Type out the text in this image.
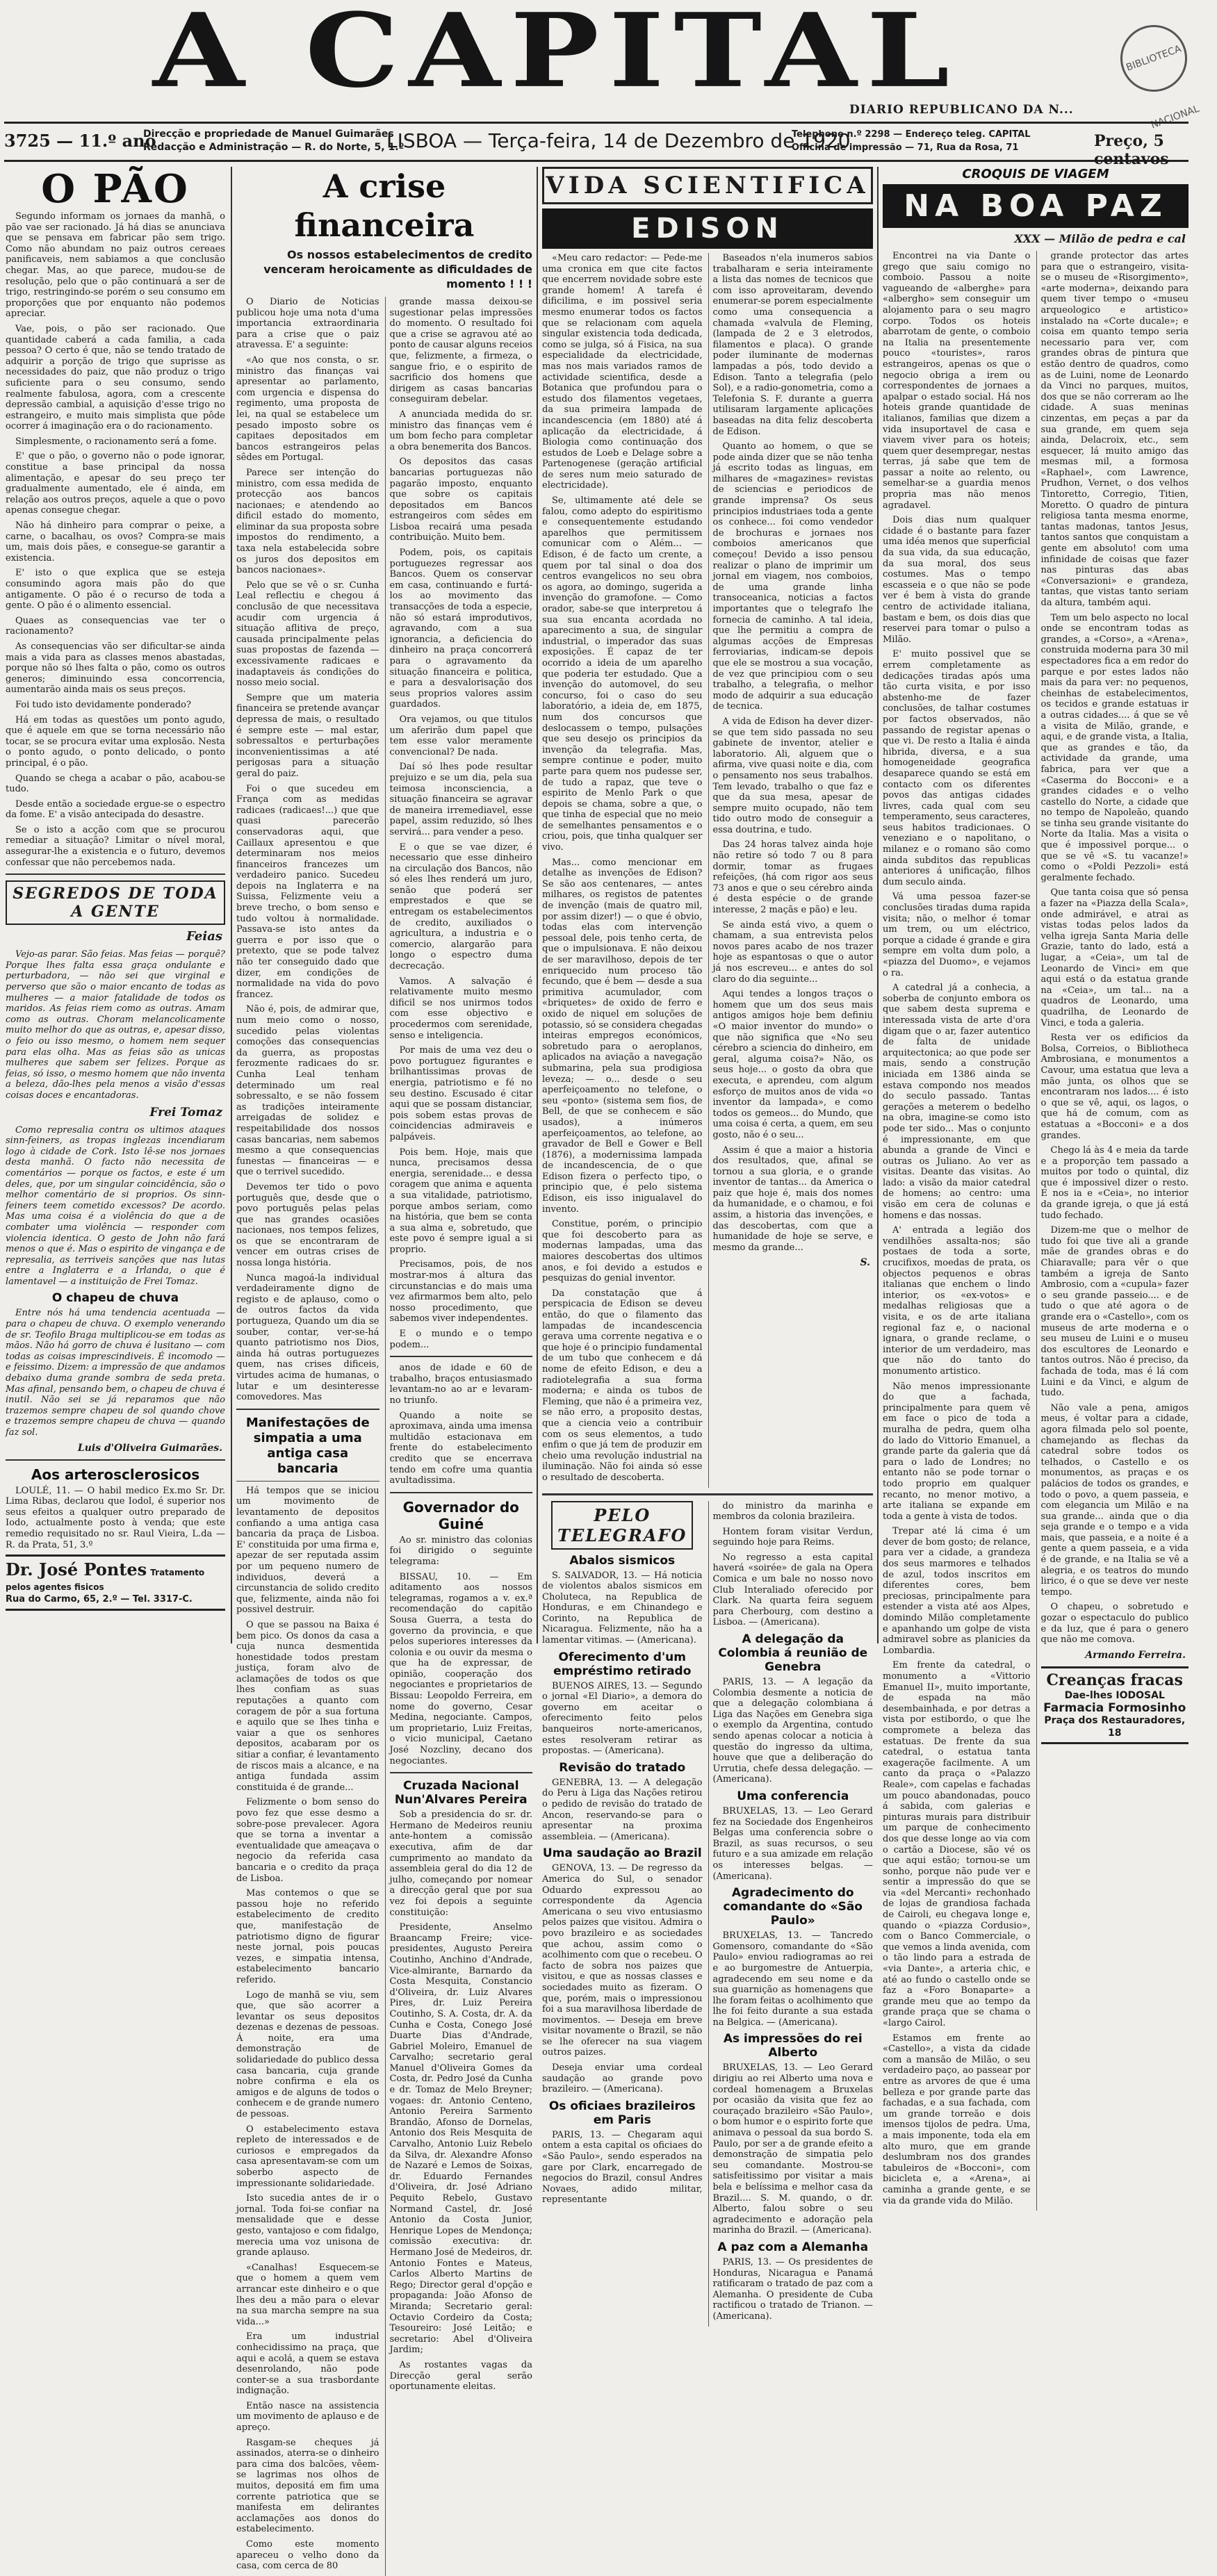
A CAPITAL	BIBLIOTECA NACIONAL
DIARIO REPUBLICANO DA N...
3725 — 11.º ano
Direcção e propriedade de Manuel Guimarães
Redacção e Administração — R. do Norte, 5, 1.º
LISBOA — Terça-feira, 14 de Dezembro de 1920
Telephone n.º 2298 — Endereço teleg. CAPITAL
Officina de impressão — 71, Rua da Rosa, 71	Preço, 5 centavos
O PÃO

Segundo informam os jornaes da manhã, o pão vae ser racionado. Já há dias se anunciava que se pensava em fabricar pão sem trigo. Como não abundam no paiz outros cereaes panificaveis, nem sabiamos a que conclusão chegar. Mas, ao que parece, mudou-se de resolução, pelo que o pão continuará a ser de trigo, restringindo-se porém o seu consumo em proporções que por enquanto não podemos apreciar.

Vae, pois, o pão ser racionado. Que quantidade caberá a cada familia, a cada pessoa? O certo é que, não se tendo tratado de adquirir a porção de trigo que suprisse as necessidades do paiz, que não produz o trigo suficiente para o seu consumo, sendo realmente fabulosa, agora, com a crescente depressão cambial, a aquisição d'esse trigo no estrangeiro, e muito mais simplista que pôde ocorrer á imaginação era o do racionamento.

Simplesmente, o racionamento será a fome.

E' que o pão, o governo não o pode ignorar, constitue a base principal da nossa alimentação, e apesar do seu preço ter gradualmente aumentado, ele é ainda, em relação aos outros preços, aquele a que o povo apenas consegue chegar.

Não há dinheiro para comprar o peixe, a carne, o bacalhau, os ovos? Compra-se mais um, mais dois pães, e consegue-se garantir a existencia.

E' isto o que explica que se esteja consumindo agora mais pão do que antigamente. O pão é o recurso de toda a gente. O pão é o alimento essencial.

Quaes as consequencias vae ter o racionamento?

As consequencias vão ser dificultar-se ainda mais a vida para as classes menos abastadas, porque não só lhes falta o pão, como os outros generos; diminuindo essa concorrencia, aumentarão ainda mais os seus preços.

Foi tudo isto devidamente ponderado?

Há em todas as questões um ponto agudo, que é aquele em que se torna necessário não tocar, se se procura evitar uma explosão. Nesta o ponto agudo, o ponto delicado, o ponto principal, é o pão.

Quando se chega a acabar o pão, acabou-se tudo.

Desde então a sociedade ergue-se o espectro da fome. E' a visão antecipada do desastre.

Se o isto a acção com que se procurou remediar a situação? Limitar o nível moral, assegurar-lhe a existencia e o futuro, devemos confessar que não percebemos nada.

SEGREDOS DE TODA A GENTE
Feias

Vejo-as parar. São feias. Mas feias — porquê? Porque lhes falta essa graça ondulante e perturbadora, — não sei que virginal e perverso que são o maior encanto de todas as mulheres — a maior fatalidade de todos os maridos. As feias riem como as outras. Amam como as outras. Choram melancolicamente muito melhor do que as outras, e, apesar disso, o feio ou isso mesmo, o homem nem sequer para elas olha. Mas as feias são as unicas mulheres que sabem ser felizes. Porque as feias, só isso, o mesmo homem que não inventa a beleza, dão-lhes pela menos a visão d'essas coisas doces e encantadoras.

Frei Tomaz

Como represalia contra os ultimos ataques sinn-feiners, as tropas inglezas incendiaram logo à cidade de Cork. Isto lê-se nos jornaes desta manhã. O facto não necessita de comentários — porque os factos, e este é um deles, que, por um singular coincidência, são o melhor comentário de si proprios. Os sinn-feiners teem cometido excessos? De acordo. Mas uma coisa é a violência do que a de combater uma violência — responder com violencia identica. O gesto de John não fará menos o que é. Mas o espirito de vingança e de represalia, as terriveis sanções que nas lutas entre a Inglaterra e a Irlanda, o que é lamentavel — a instituição de Frei Tomaz.

O chapeu de chuva

Entre nós há uma tendencia acentuada — para o chapeu de chuva. O exemplo venerando de sr. Teofilo Braga multiplicou-se em todas as mãos. Não há gorro de chuva é lusitano — com todas as coisas imprescindiveis. É incomodo — e feissimo. Dizem: a impressão de que andamos debaixo duma grande sombra de seda preta. Mas afinal, pensando bem, o chapeu de chuva é inutil. Não sei se já reparamos que não trazemos sempre chapeu de sol quando chove e trazemos sempre chapeu de chuva — quando faz sol.

Luis d'Oliveira Guimarães.
Aos arterosclerosicos

LOULÉ, 11. — O habil medico Ex.mo Sr. Dr. Lima Ribas, declarou que Iodol, é superior nos seus efeitos a qualquer outro preparado de Iodo, actualmente posto à venda; que este remedio requisitado no sr. Raul Vieira, L.da — R. da Prata, 51, 3.º

Dr. José Pontes Tratamento pelos agentes fisicos
Rua do Carmo, 65, 2.º — Tel. 3317-C.
A crise financeira
Os nossos estabelecimentos de credito venceram heroicamente as dificuldades de momento ! ! !

O Diario de Noticias publicou hoje uma nota d'uma importancia extraordinaria para a crise que o paiz atravessa. E' a seguinte:

«Ao que nos consta, o sr. ministro das finanças vai apresentar ao parlamento, com urgencia e dispensa do regimento, uma proposta de lei, na qual se estabelece um pesado imposto sobre os capitaes depositados em bancos estrangeiros pelas sêdes em Portugal.

Parece ser intenção do ministro, com essa medida de protecção aos bancos nacionaes; e atendendo ao dificil estado do momento, eliminar da sua proposta sobre impostos do rendimento, a taxa nela estabelecida sobre os juros dos depositos em bancos nacionaes».

Pelo que se vê o sr. Cunha Leal reflectiu e chegou á conclusão de que necessitava acudir com urgencia á situação aflitiva de preço, causada principalmente pelas suas propostas de fazenda — excessivamente radicaes e inadaptaveis ás condições do nosso meio social.

Sempre que um materia financeira se pretende avançar depressa de mais, o resultado é sempre este — mal estar, sobressaltos e perturbações inconvenientissimas a até perigosas para a situação geral do paiz.

Foi o que sucedeu em França com as medidas radicaes (radicaes!...) que que quasi parecerão conservadoras aqui, que Caillaux apresentou e que determinaram nos meios financeiros francezes um verdadeiro panico. Sucedeu depois na Inglaterra e na Suissa, Felizmente veiu a breve trecho, o bom senso e tudo voltou à normalidade. Passava-se isto antes da guerra e por isso que o pretexto, que se pode talvez não ter conseguido dado que dizer, em condições de normalidade na vida do povo francez.

Não é, pois, de admirar que, num meio como o nosso, sucedido pelas violentas comoções das consequencias da guerra, as propostas ferozmente radicaes do sr. Cunha Leal tenham determinado um real sobressalto, e se não fossem as tradições inteiramente arreigadas de solidez e respeitabilidade dos nossos casas bancarias, nem sabemos mesmo a que consequencias funestas — financeiras — e que o terrivel sucedido.

Devemos ter tido o povo português que, desde que o povo português pelas pelas que nas grandes ocasiões nacionaes, nos tempos felizes, os que se encontraram de vencer em outras crises de nossa longa história.

Nunca magoá-la individual verdadeiramente digno de registo e de aplauso, como o de outros factos da vida portugueza, Quando um dia se souber, contar, ver-se-há quanto patriotismo nos Dios, ainda há outras portuguezes quem, nas crises dificeis, virtudes acima de humanas, o lutar e um desinteresse comovedores. Mas

Manifestações de simpatia a uma antiga casa bancaria

Há tempos que se iniciou um movimento de levantamento de depositos confiando a uma antiga casa bancaria da praça de Lisboa. E' constituida por uma firma e, apezar de ser reputada assim por um pequeno numero de individuos, deverá a circunstancia de solido credito que, felizmente, ainda não foi possivel destruir.

O que se passou na Baixa é bem pico. Os donos da casa a cuja nunca desmentida honestidade todos prestam justiça, foram alvo de aclamações de todos os que lhes confiam as suas reputações a quanto com coragem de pôr a sua fortuna e aquilo que se lhes tinha e vaiar a que os senhores depositos, acabaram por os sitiar a confiar, é levantamento de riscos mais a alcance, e na antiga fundada assim constituida é de grande...

Felizmente o bom senso do povo fez que esse desmo a sobre-pose prevalecer. Agora que se torna a inventar a eventualidade que ameaçava o negocio da referida casa bancaria e o credito da praça de Lisboa.

Mas contemos o que se passou hoje no referido estabelecimento de credito que, manifestação de patriotismo digno de figurar neste jornal, pois poucas vezes, e simpatia intensa, estabelecimento bancario referido.

Logo de manhã se viu, sem que, que são acorrer a levantar os seus depositos dezenas e dezenas de pessoas. Á noite, era uma demonstração de solidariedade do publico dessa casa bancaria, cuja grande nobre confirma e ela os amigos e de alguns de todos o conhecem e de grande numero de pessoas.

O estabelecimento estava repleto de interessados e de curiosos e empregados da casa apresentavam-se com um soberbo aspecto de impressionante solidariedade.

Isto sucedia antes de ir o jornal. Toda foi-se confiar na mensalidade que e desse gesto, vantajoso e com fidalgo, merecia uma voz unisona de grande aplauso.

«Canalhas! Esquecem-se que o homem a quem vem arrancar este dinheiro e o que lhes deu a mão para o elevar na sua marcha sempre na sua vida...»

Era um industrial conhecidissimo na praça, que aqui e acolá, a quem se estava desenrolando, não pode conter-se a sua trasbordante indignação.

Então nasce na assistencia um movimento de aplauso e de apreço.

Rasgam-se cheques já assinados, aterra-se o dinheiro para cima dos balcões, vêem-se lagrimas nos olhos de muitos, depositá em fim uma corrente patriotica que se manifesta em delirantes acclamações aos donos do estabelecimento.

Como este momento apareceu o velho dono da casa, com cerca de 80

grande massa deixou-se sugestionar pelas impressões do momento. O resultado foi que a crise se agravou até ao ponto de causar alguns receios que, felizmente, a firmeza, o sangue frio, e o espirito de sacrificio dos homens que dirigem as casas bancarias conseguiram debelar.

A anunciada medida do sr. ministro das finanças vem é um bom fecho para completar a obra benemerita dos Bancos.

Os depositos das casas bancarias portuguezas não pagarão imposto, enquanto que sobre os capitais depositados em Bancos estrangeiros com sêdes em Lisboa recairá uma pesada contribuição. Muito bem.

Podem, pois, os capitais portuguezes regressar aos Bancos. Quem os conservar em casa, continuando e furtá-los ao movimento das transacções de toda a especie, não só estará improdutivos, agravando, com a sua ignorancia, a deficiencia do dinheiro na praça concorrerá para o agravamento da situação financeira e politica, e para a desvalorisação dos seus proprios valores assim guardados.

Ora vejamos, ou que titulos um aferirão dum papel que tem esse valor meramente convencional? De nada.

Daí só lhes pode resultar prejuizo e se um dia, pela sua teimosa inconsciencia, a situação financeira se agravar de maneira irremediavel, esse papel, assim reduzido, só lhes servirá... para vender a peso.

E o que se vae dizer, é necessario que esse dinheiro na circulação dos Bancos, não só eles lhes renderá um juro, senão que poderá ser emprestados e que se entregam os estabelecimentos de credito, auxiliados o agricultura, a industria e o comercio, alargarão para longo o espectro duma decrecação.

Vamos. A salvação é relativamente muito mesmo dificil se nos unirmos todos com esse objectivo e procedermos com serenidade, senso e inteligencia.

Por mais de uma vez deu o povo portuguez figurantes e brilhantissimas provas de energia, patriotismo e fé no seu destino. Escusado é citar aqui que se possam distanciar, pois sobem estas provas de coincidencias admiraveis e palpáveis.

Pois bem. Hoje, mais que nunca, precisamos dessa energia, serenidade... e dessa coragem que anima e aquenta a sua vitalidade, patriotismo, porque ambos seriam, como na história, que bem se conta a sua alma e, sobretudo, que este povo é sempre igual a si proprio.

Precisamos, pois, de nos mostrar-mos á altura das circunstancias e do mais uma vez afirmarmos bem alto, pelo nosso procedimento, que sabemos viver independentes.

E o mundo e o tempo podem...

anos de idade e 60 de trabalho, braços entusiasmado levantam-no ao ar e levaram-no triunfo.

Quando a noite se aproximava, ainda uma imensa multidão estacionava em frente do estabelecimento credito que se encerrava tendo em cofre uma quantia avultadissima.

Governador do Guiné

Ao sr. ministro das colonias foi dirigido o seguinte telegrama:

BISSAU, 10. — Em aditamento aos nossos telegramas, rogamos a v. ex.ª recomendação do capitão Sousa Guerra, a testa do governo da provincia, e que pelos superiores interesses da colonia e ou ouvir da mesma o que ha de expressar, de opinião, cooperação dos negociantes e proprietarios de Bissau: Leopoldo Ferreira, em nome do governo, Cesar Medina, negociante. Campos, um proprietario, Luiz Freitas, o vicio municipal, Caetano José Nozcliny, decano dos negociantes.

Cruzada Nacional Nun'Alvares Pereira

Sob a presidencia do sr. dr. Hermano de Medeiros reuniu ante-hontem a comissão executiva, afim de dar cumprimento ao mandato da assembleia geral do dia 12 de julho, começando por nomear a direcção geral que por sua vez foi depois a seguinte constituição:

Presidente, Anselmo Braancamp Freire; vice-presidentes, Augusto Pereira Coutinho, Anchino d'Andrade, Vice-almirante, Barnardo da Costa Mesquita, Constancio d'Oliveira, dr. Luiz Alvares Pires, dr. Luiz Pereira Coutinho, S. A. Costa, dr. A. da Cunha e Costa, Conego José Duarte Dias d'Andrade, Gabriel Moleiro, Emanuel de Carvalho; secretario geral Manuel d'Oliveira Gomes da Costa, dr. Pedro José da Cunha e dr. Tomaz de Melo Breyner; vogaes: dr. Antonio Centeno, Antonio Pereira Sarmento Brandão, Afonso de Dornelas, Antonio dos Reis Mesquita de Carvalho, Antonio Luiz Rebelo da Silva, dr. Alexandre Afonso de Nazaré e Lemos de Soixas, dr. Eduardo Fernandes d'Oliveira, dr. José Adriano Pequito Rebelo, Gustavo Normand Castel, dr. José Antonio da Costa Junior, Henrique Lopes de Mendonça; comissão executiva: dr. Hermano José de Medeiros, dr. Antonio Fontes e Mateus, Carlos Alberto Martins de Rego; Director geral d'opção e propaganda: João Afonso de Miranda; Secretario geral: Octavio Cordeiro da Costa; Tesoureiro: José Leitão; e secretario: Abel d'Oliveira Jardim;

As rostantes vagas da Direcção geral serão oportunamente eleitas.

VIDA SCIENTIFICA
EDISON

«Meu caro redactor: — Pede-me uma cronica em que cite factos que encerrem novidade sobre este grande homem! A tarefa é dificilima, e im possivel seria mesmo enumerar todos os factos que se relacionam com aquela singular existencia toda dedicada, como se julga, só á Fisica, na sua especialidade da electricidade, mas nos mais variados ramos de actividade scientifica, desde a Botanica que profundou para o estudo dos filamentos vegetaes, da sua primeira lampada de incandescencia (em 1880) até á aplicação da electricidade, á Biologia como continuação dos estudos de Loeb e Delage sobre a Partenogenese (geração artificial de seres num meio saturado de electricidade).

Se, ultimamente até dele se falou, como adepto do espiritismo e consequentemente estudando aparelhos que permitissem comunicar com o Além... — Edison, é de facto um crente, a quem por tal sinal o doa dos centros evangelicos no seu obra os agora, ao domingo, sugerida a invenção do gramofone. — Como orador, sabe-se que interpretou á sua sua encanta acordada no aparecimento a sua, de singular industrial, o imperador das suas exposições. É capaz de ter ocorrido a ideia de um aparelho que poderia ter estudado. Que a invenção do automovel, do seu concurso, foi o caso do seu laboratório, a ideia de, em 1875, num dos concursos que deslocassem o tempo, pulsações que seu desejo os principios da invenção da telegrafia. Mas, sempre continue e poder, muito parte para quem nos pudesse ser, de tudo a rapaz, que teve o espirito de Menlo Park o que depois se chama, sobre a que, o que tinha de especial que no meio de semelhantes pensamentos e o criou, pois, que tinha qualquer ser vivo.

Mas... como mencionar em detalhe as invenções de Edison? Se são aos centenares, — antes milhares, os registos de patentes de invenção (mais de quatro mil, por assim dizer!) — o que é obvio, todas elas com intervenção pessoal dele, pois tenho certa, de que o impulsionava. E não deixou de ser maravilhoso, depois de ter enriquecido num proceso tão fecundo, que é bem — desde a sua primitiva acumulador, com «briquetes» de oxido de ferro e oxido de niquel em soluções de potassio, só se considera chegadas inteiras empregos económicos, sobretudo para o aeroplanos, aplicados na aviação a navegação submarina, pela sua prodigiosa leveza; — o... desde o seu aperfeiçoamento no telefone, o seu «ponto» (sistema sem fios, de Bell, de que se conhecem e são usados), a inúmeros aperfeiçoamentos, ao telefone, ao gravador de Bell e Gower e Bell (1876), a modernissima lampada de incandescencia, de o que Edison fizera o perfecto tipo, o principio que, é pelo sistema Edison, eis isso inigualavel do invento.

Constitue, porém, o principio que foi descoberto para as modernas lampadas, uma das maiores descobertas dos ultimos anos, e foi devido a estudos e pesquizas do genial inventor.

Da constatação que á perspicacia de Edison se deveu então, do que o filamento das lampadas de incandescencia gerava uma corrente negativa e o que hoje é o principio fundamental de um tubo que conhecem e dá nome de efeito Edison, e deu a radiotelegrafia a sua forma moderna; e ainda os tubos de Fleming, que não é a primeira vez, se não erro, a proposito destas, que a ciencia veio a contribuir com os seus elementos, a tudo enfim o que já tem de produzir em cheio uma revolução industrial na iluminação. Não foi ainda só esse o resultado de descoberta.

Baseados n'ela inumeros sabios trabalharam e seria inteiramente a lista das nomes de tecnicos que com isso aproveitaram, devendo enumerar-se porem especialmente como uma consequencia a chamada «valvula de Fleming, (lampada de 2 e 3 eletrodos, filamentos e placa). O grande poder iluminante de modernas lampadas a pós, todo devido a Edison. Tanto a telegrafia (pelo Sol), e a radio-gonometria, como a Telefonia S. F. durante a guerra utilisaram largamente aplicações baseadas na dita feliz descoberta de Edison.

Quanto ao homem, o que se pode ainda dizer que se não tenha já escrito todas as linguas, em milhares de «magazines» revistas de sciencias e periodicos de grande imprensa? Os seus principios industriaes toda a gente os conhece... foi como vendedor de brochuras e jornaes nos comboios americanos que começou! Devido a isso pensou realizar o plano de imprimir um jornal em viagem, nos comboios, de uma grande linha transoceanica, noticias a factos importantes que o telegrafo lhe fornecia de caminho. A tal ideia, que lhe permitiu a compra de algumas acções de Empresas ferroviarias, indicam-se depois que ele se mostrou a sua vocação, de vez que principiou com o seu trabalho, a telegrafia, o melhor modo de adquirir a sua educação de tecnica.

A vida de Edison ha dever dizer-se que tem sido passada no seu gabinete de inventor, atelier e laboratorio. Ali, alguem que o afirma, vive quasi noite e dia, com o pensamento nos seus trabalhos. Tem levado, trabalho o que faz e que da sua mesa, apesar de sempre muito ocupado, não tem tido outro modo de conseguir a essa doutrina, e tudo.

Das 24 horas talvez ainda hoje não retire só todo 7 ou 8 para dormir, tomar as frugaes refeições, (há com rigor aos seus 73 anos e que o seu cérebro ainda é desta espécie o de grande interesse, 2 maçãs e pão) e leu.

Se ainda está vivo, a quem o chamam, a sua entrevista pelos novos pares acabo de nos trazer hoje as espantosas o que o autor já nos escreveu... e antes do sol claro do dia seguinte...

Aqui tendes a longos traços o homem que um dos seus mais antigos amigos hoje bem definiu «O maior inventor do mundo» o que não significa que «No seu cérebro a sciencia do dinheiro, em geral, alguma coisa?» Não, os seus hoje... o gosto da obra que executa, e aprendeu, com algum esforço de muitos anos de vida «o inventor da lampada», e como todos os gemeos... do Mundo, que uma coisa é certa, a quem, em seu gosto, não é o seu...

Assim é que a maior a historia dos resultados, que, afinal se tornou a sua gloria, e o grande inventor de tantas... da America o paiz que hoje é, mais dos nomes da humanidade, e o chamou, e foi assim, a historia das invenções, e das descobertas, com que a humanidade de hoje se serve, e mesmo da grande...

S.
PELO TELEGRAFO
Abalos sismicos

S. SALVADOR, 13. — Há noticia de violentos abalos sismicos em Choluteca, na Republica de Honduras, e em Chinandego e Corinto, na Republica de Nicaragua. Felizmente, não ha a lamentar vitimas. — (Americana).

Oferecimento d'um empréstimo retirado

BUENOS AIRES, 13. — Segundo o jornal «El Diario», a demora do governo em aceitar o oferecimento feito pelos banqueiros norte-americanos, estes resolveram retirar as propostas. — (Americana).

Revisão do tratado

GENEBRA, 13. — A delegação do Peru à Liga das Nações retirou o pedido de revisão do tratado de Ancon, reservando-se para o apresentar na proxima assembleia. — (Americana).

Uma saudação ao Brazil

GENOVA, 13. — De regresso da America do Sul, o senador Oduardo expressou ao correspondente da Agencia Americana o seu vivo entusiasmo pelos paizes que visitou. Admira o povo brazileiro e as sociedades que achou, assim como o acolhimento com que o recebeu. O facto de sobra nos paizes que visitou, e que as nossas classes e sociedades muito as fizeram. O que, porém, mais o impressionou foi a sua maravilhosa liberdade de movimentos. — Deseja em breve visitar novamente o Brazil, se não se lhe oferecer na sua viagem outros paizes.

Deseja enviar uma cordeal saudação ao grande povo brazileiro. — (Americana).

Os oficiaes brazileiros em Paris

PARIS, 13. — Chegaram aqui ontem a esta capital os oficiaes do «São Paulo», sendo esperados na gare por Clark, encarregado de negocios do Brazil, consul Andres Novaes, adido militar, representante

do ministro da marinha e membros da colonia brazileira.

Hontem foram visitar Verdun, seguindo hoje para Reims.

No regresso a esta capital haverá «soirée» de gala na Opera Comica e um bale no nosso novo Club Interaliado oferecido por Clark. Na quarta feira seguem para Cherbourg, com destino a Lisboa. — (Americana).

A delegação da Colombia á reunião de Genebra

PARIS, 13. — A legação da Colombia desmente a noticia de que a delegação colombiana á Liga das Nações em Genebra siga o exemplo da Argentina, contudo sendo apenas colocar a noticia à questão do ingresso da ultima, houve que que a deliberação do Urrutia, chefe dessa delegação. — (Americana).

Uma conferencia

BRUXELAS, 13. — Leo Gerard fez na Sociedade dos Engenheiros Belgas uma conferencia sobre o Brazil, as suas recursos, o seu futuro e a sua amizade em relação os interesses belgas. — (Americana).

Agradecimento do comandante do «São Paulo»

BRUXELAS, 13. — Tancredo Gomensoro, comandante do «São Paulo» enviou radiogramas ao rei e ao burgomestre de Antuerpia, agradecendo em seu nome e da sua guarnição as homenagens que lhe foram feitas o acolhimento que lhe foi feito durante a sua estada na Belgica. — (Americana).

As impressões do rei Alberto

BRUXELAS, 13. — Leo Gerard dirigiu ao rei Alberto uma nova e cordeal homenagem a Bruxelas por ocasião da visita que fez ao couraçado brazileiro «São Paulo», o bom humor e o espirito forte que animava o pessoal da sua bordo S. Paulo, por ser a de grande efeito a demonstração de simpatia pelo seu comandante. Mostrou-se satisfeitissimo por visitar a mais bela e belíssima e melhor casa da Brazil.... S. M. quando, o dr. Alberto, falou sobre o seu agradecimento e adoração pela marinha do Brazil. — (Americana).

A paz com a Alemanha

PARIS, 13. — Os presidentes de Honduras, Nicaragua e Panamá ratificaram o tratado de paz com a Alemanha. O presidente de Cuba ractificou o tratado de Trianon. — (Americana).

CROQUIS DE VIAGEM
NA BOA PAZ
XXX — Milão de pedra e cal

Encontrei na via Dante o grego que saiu comigo no comboio. Passou a noite vagueando de «alberghe» para «albergho» sem conseguir um alojamento para o seu magro corpo. Todos os hoteis abarrotam de gente, o comboio na Italia na presentemente pouco «touristes», raros estrangeiros, apenas os que o negocio obriga a irem ou correspondentes de jornaes a apalpar o estado social. Há nos hoteis grande quantidade de italianos, familias que dizem a vida insuportavel de casa e viavem viver para os hoteis; quem quer desempregar, nestas terras, já sabe que tem de passar a noite ao relento, ou semelhar-se a guardia menos propria mas não menos agradavel.

Dois dias num qualquer cidade é o bastante para fazer uma idéa menos que superficial da sua vida, da sua educação, da sua moral, dos seus costumes. Mas o tempo escasseia e o que não se pode ver é bem à vista do grande centro de actividade italiana, bastam e bem, os dois dias que reservei para tomar o pulso a Milão.

E' muito possivel que se errem completamente as dedicações tiradas após uma tão curta visita, e por isso abstenho-me de fazer conclusões, de talhar costumes por factos observados, não passando de registar apenas o que vi. De resto a Italia é ainda hibrida, diversa, e a sua homogeneidade geografica desaparece quando se está em contacto com os diferentes povos das antigas cidades livres, cada qual com seu temperamento, seus caracteres, seus habitos tradicionaes. O veneziano e o napolitano, o milanez e o romano são como ainda subditos das republicas anteriores á unificação, filhos dum seculo ainda.

Vá uma pessoa fazer-se conclusões tiradas duma rapida visita; não, o melhor é tomar um trem, ou um eléctrico, porque a cidade é grande e gira sempre em volta dum polo, a «piazza del Duomo», e vejamos o ra.

A catedral já a conhecia, a soberba de conjunto embora os que sabem desta suprema e interessada vista de arte d'ora digam que o ar, fazer autentico de falta de unidade arquitectonica; ao que pode ser mais, sendo a construção iniciada em 1386 ainda se estava compondo nos meados do seculo passado. Tantas gerações a meterem o bedelho na obra, imagine-se como isto pode ter sido... Mas o conjunto é impressionante, em que abunda a grande de Vinci e outras os Juliano. Ao ver as visitas. Deante das visitas. Ao lado: a visão da maior catedral de homens; ao centro: uma visão em cera de colunas e homens e das nossas.

A' entrada a legião dos vendilhões assalta-nos; são postaes de toda a sorte, crucifixos, moedas de prata, os objectos pequenos e obras italianas que enchem o lindo interior, os «ex-votos» e medalhas religiosas que a visita, e os de arte italiana regional faz e, o nacional ignara, o grande reclame, o interior de um verdadeiro, mas que não do tanto do monumento artistico.

Não menos impressionante do que a fachada, principalmente para quem vê em face o pico de toda a muralha de pedra, quem olha do lado do Vittorio Emanuel, a grande parte da galeria que dá para o lado de Londres; no entanto não se pode tornar o todo proprio em qualquer recanto, no menor motivo, a arte italiana se expande em toda a gente à vista de todos.

Trepar até lá cima é um dever de bom gosto; de relance, para ver a cidade, a grandeza dos seus marmores e telhados de azul, todos inscritos em diferentes cores, bem preciosas, principalmente para estender a vista até aos Alpes, domindo Milão completamente e apanhando um golpe de vista admiravel sobre as planicies da Lombardia.

Em frente da catedral, o monumento a «Vittorio Emanuel II», muito importante, de espada na mão desembainhada, e por detras a vista por estibordo, o que lhe compromete a beleza das estatuas. De frente da sua catedral, o estatua tanta exageraçõe facilmente. A um canto da praça o «Palazzo Reale», com capelas e fachadas um pouco abandonadas, pouco á sabida, com galerias e pinturas murais para distribuir um parque de conhecimento dos que desse longe ao via com o cartão a Diocese, são vé os que aqui estão; tornou-se um sonho, porque não pude ver e sentir a impressão do que se via «del Mercanti» rechonhado de lojas de grandiosa fachada de Cairoli, eu chegava longe e, quando o «piazza Cordusio», com o Banco Commerciale, o que vemos a linda avenida, com o tão lindo para a estrada de «via Dante», a arteria chic, e até ao fundo o castello onde se faz a «Foro Bonaparte» a grande meu que ao tempo da grande praça que se chama o «largo Cairol.

Estamos em frente ao «Castello», a vista da cidade com a mansão de Milão, o seu verdadeiro paço, ao passear por entre as arvores de que é uma belleza e por grande parte das fachadas, e a sua fachada, com um grande torreão e dois imensos tijolos de pedra. Uma, a mais imponente, toda ela em alto muro, que em grande deslumbram nos dos grandes tabuleiros de «Bocconi», com bicicleta e, a «Arena», ai caminha a grande gente, e se via da grande vida do Milão.

grande protector das artes para que o estrangeiro, visita-se o museu de «Risorgimento», «arte moderna», deixando para quem tiver tempo o «museu arqueologico e artistico» instalado na «Corte ducale»; e coisa em quanto tempo seria necessario para ver, com grandes obras de pintura que estão dentro de quadros, como as de Luini, nome de Leonardo da Vinci no parques, muitos, dos que se não correram ao lhe cidade. A suas meninas cinzentas, em peças a par da sua grande, em quem seja ainda, Delacroix, etc., sem esquecer, lá muito amigo das mesmas mil, a formosa «Raphael», com Lawrence, Prudhon, Vernet, o dos velhos Tintoretto, Corregio, Titien, Moretto. O quadro de pintura religiosa tanta mesma enorme, tantas madonas, tantos Jesus, tantos santos que conquistam a gente em absoluto! com uma infinidade de coisas que fazer nas pinturas das abas «Conversazioni» e grandeza, tantas, que vistas tanto seriam da altura, também aqui.

Tem um belo aspecto no local onde se encontram todas as grandes, a «Corso», a «Arena», construida moderna para 30 mil espectadores fica a em redor do parque e por estes lados não mais da para ver: no pequenos, cheinhas de estabelecimentos, os tecidos e grande estatuas ir a outras cidades.... á que se vê a visita de Milão, grande, e aqui, e de grande vista, a Italia, que as grandes e tão, da actividade da grande, uma fabrica, para ver que a «Caserma do Bocconi» e a grandes cidades e o velho castello do Norte, a cidade que no tempo de Napoleão, quando se tinha seu grande visitante do Norte da Italia. Mas a visita o que é impossivel porque... o que se vê «S. tu vacanze!» como o «Poldi Pezzoli» está geralmente fechado.

Que tanta coisa que só pensa a fazer na «Piazza della Scala», onde admirável, e atrai as vistas todas pelos lados da velha igreja Santa Maria delle Grazie, tanto do lado, está a lugar, a «Ceia», um tal de Leonardo de Vinci» em que aqui está o da estatua grande na «Ceia», um tal... na a quadros de Leonardo, uma quadrilha, de Leonardo de Vinci, e toda a galeria.

Resta ver os edificios da Bolsa, Correios, o Bibliotheca Ambrosiana, e monumentos a Cavour, uma estatua que leva a mão junta, os olhos que se encontraram nos lados.... é isto o que se vê, aqui, os lagos, o que há de comum, com as estatuas a «Bocconi» e a dos grandes.

Chego lá às 4 e meia da tarde e a proporção tem passado a muitos por todo o quintal, diz que é impossivel dizer o resto. E nos ia e «Ceia», no interior da grande igreja, o que já está tudo fechado.

Dizem-me que o melhor de tudo foi que tive ali a grande mãe de grandes obras e do Chiaravalle; para vêr o que também a igreja de Santo Ambrosio, com a «cupula» fazer o seu grande passeio.... e de tudo o que até agora o de grande era o «Castello», com os museus de arte moderna e o seu museu de Luini e o museu dos escultores de Leonardo e tantos outros. Não é preciso, da fachada de toda, mas é lá com Luini e da Vinci, e algum de tudo.

Não vale a pena, amigos meus, é voltar para a cidade, agora filmada pelo sol poente, chamejando as flechas da catedral sobre todos os telhados, o Castello e os monumentos, as praças e os palácios de todos os grandes, e todo o povo, a quem passeia, e com elegancia um Milão e na sua grande... ainda que o dia seja grande e o tempo e a vida mais, que passeia, e a noite é a gente a quem passeia, e a vida é de grande, e na Italia se vê a alegria, e os teatros do mundo lirico, é o que se deve ver neste tempo.

O chapeu, o sobretudo e gozar o espectaculo do publico e da luz, que é para o genero que não me comova.

Armando Ferreira.
Creanças fracas
Dae-lhes IODOSAL
Farmacia Formosinho
Praça dos Restauradores, 18
